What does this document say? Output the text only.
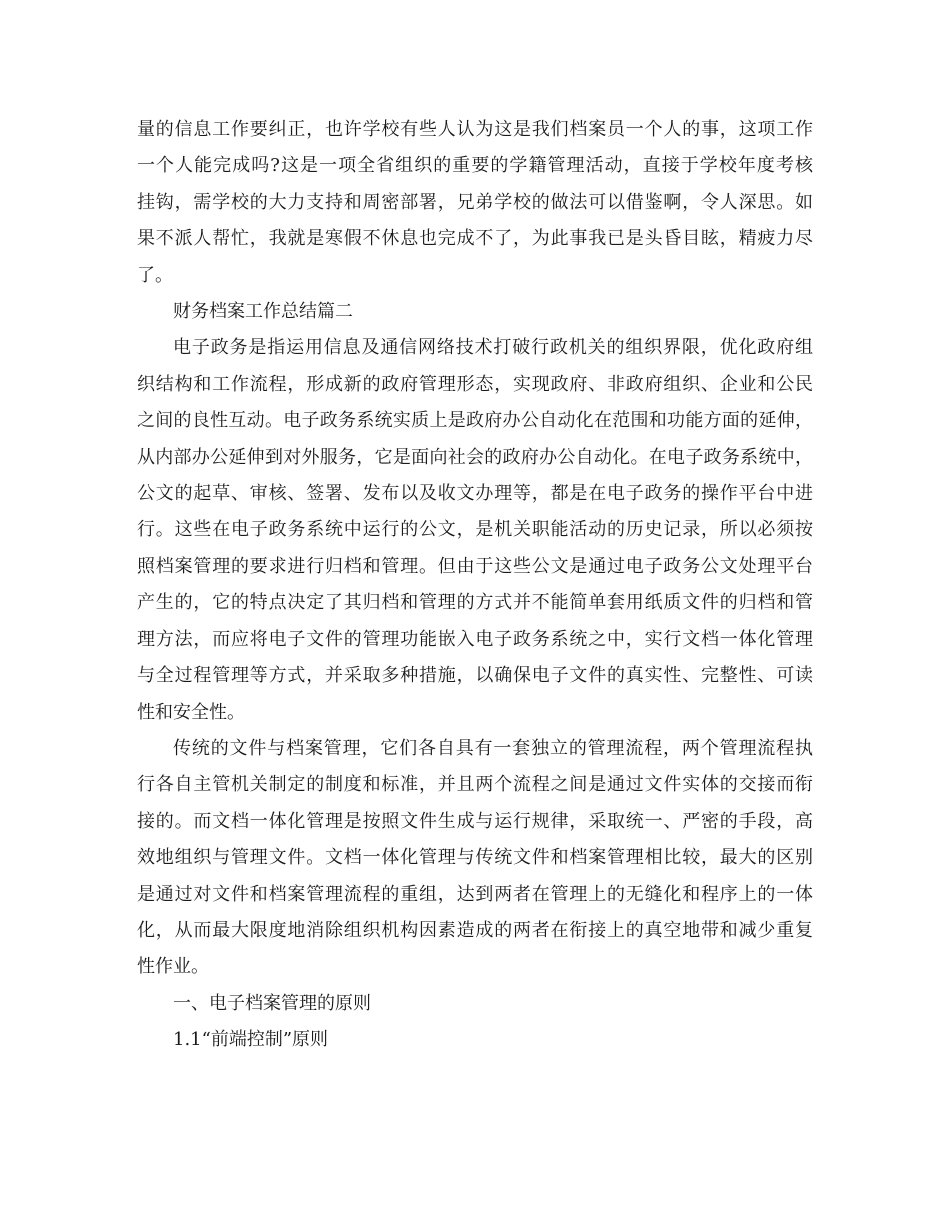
量的信息工作要纠正，也许学校有些人认为这是我们档案员一个人的事，这项工作
一个人能完成吗?这是一项全省组织的重要的学籍管理活动，直接于学校年度考核
挂钩，需学校的大力支持和周密部署，兄弟学校的做法可以借鉴啊，令人深思。如
果不派人帮忙，我就是寒假不休息也完成不了，为此事我已是头昏目眩，精疲力尽
了。
财务档案工作总结篇二
电子政务是指运用信息及通信网络技术打破行政机关的组织界限，优化政府组
织结构和工作流程，形成新的政府管理形态，实现政府、非政府组织、企业和公民
之间的良性互动。电子政务系统实质上是政府办公自动化在范围和功能方面的延伸，
从内部办公延伸到对外服务，它是面向社会的政府办公自动化。在电子政务系统中，
公文的起草、审核、签署、发布以及收文办理等，都是在电子政务的操作平台中进
行。这些在电子政务系统中运行的公文，是机关职能活动的历史记录，所以必须按
照档案管理的要求进行归档和管理。但由于这些公文是通过电子政务公文处理平台
产生的，它的特点决定了其归档和管理的方式并不能简单套用纸质文件的归档和管
理方法，而应将电子文件的管理功能嵌入电子政务系统之中，实行文档一体化管理
与全过程管理等方式，并采取多种措施，以确保电子文件的真实性、完整性、可读
性和安全性。
传统的文件与档案管理，它们各自具有一套独立的管理流程，两个管理流程执
行各自主管机关制定的制度和标准，并且两个流程之间是通过文件实体的交接而衔
接的。而文档一体化管理是按照文件生成与运行规律，采取统一、严密的手段，高
效地组织与管理文件。文档一体化管理与传统文件和档案管理相比较，最大的区别
是通过对文件和档案管理流程的重组，达到两者在管理上的无缝化和程序上的一体
化，从而最大限度地消除组织机构因素造成的两者在衔接上的真空地带和减少重复
性作业。
一、电子档案管理的原则
1.1“前端控制”原则
